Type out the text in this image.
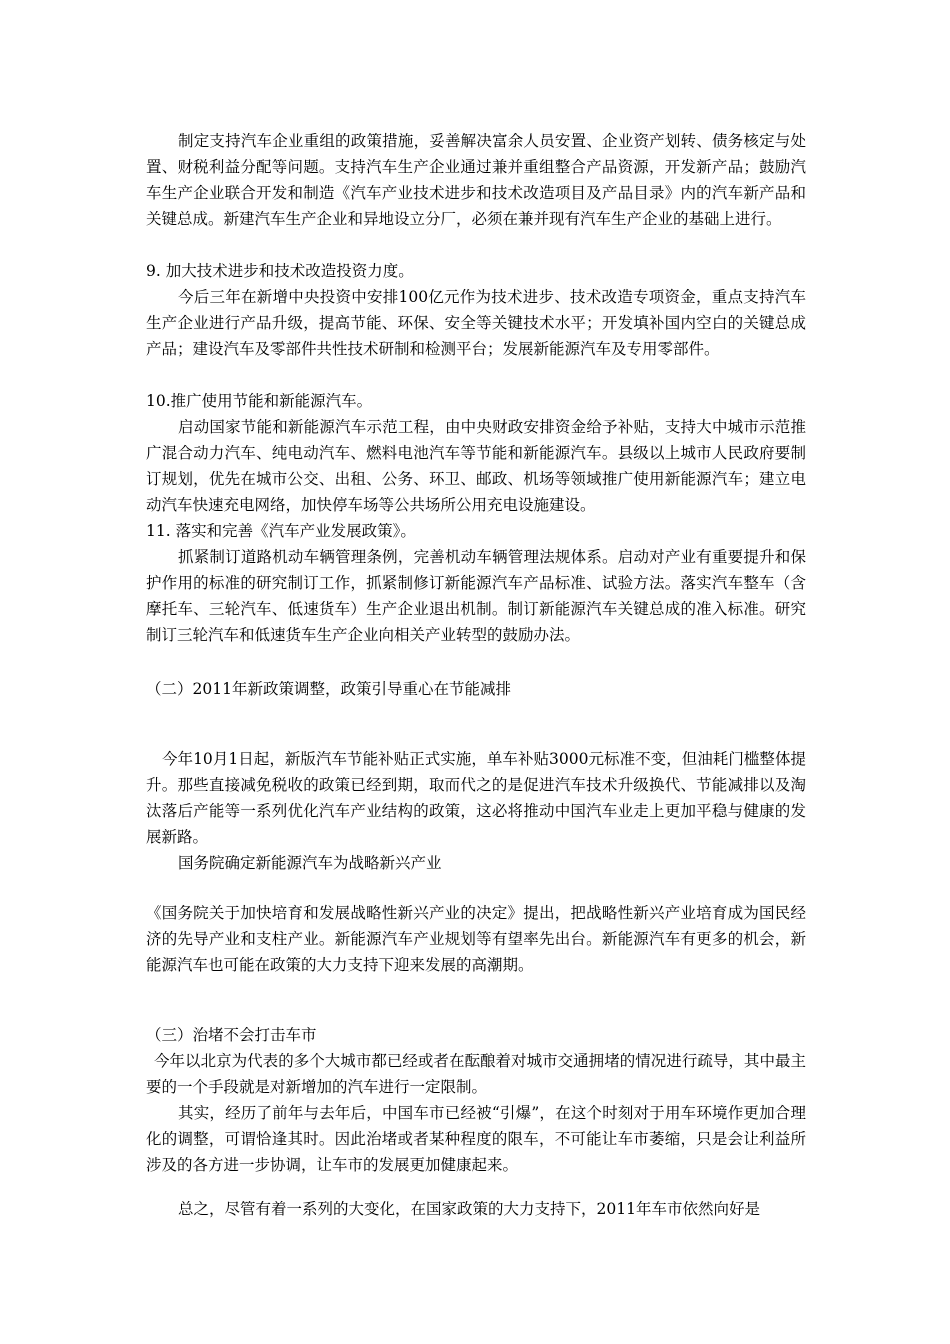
制定支持汽车企业重组的政策措施，妥善解决富余人员安置、企业资产划转、债务核定与处置、财税利益分配等问题。支持汽车生产企业通过兼并重组整合产品资源，开发新产品；鼓励汽车生产企业联合开发和制造《汽车产业技术进步和技术改造项目及产品目录》内的汽车新产品和关键总成。新建汽车生产企业和异地设立分厂，必须在兼并现有汽车生产企业的基础上进行。

9. 加大技术进步和技术改造投资力度。

今后三年在新增中央投资中安排100亿元作为技术进步、技术改造专项资金，重点支持汽车生产企业进行产品升级，提高节能、环保、安全等关键技术水平；开发填补国内空白的关键总成产品；建设汽车及零部件共性技术研制和检测平台；发展新能源汽车及专用零部件。

10.推广使用节能和新能源汽车。

启动国家节能和新能源汽车示范工程，由中央财政安排资金给予补贴，支持大中城市示范推广混合动力汽车、纯电动汽车、燃料电池汽车等节能和新能源汽车。县级以上城市人民政府要制订规划，优先在城市公交、出租、公务、环卫、邮政、机场等领域推广使用新能源汽车；建立电动汽车快速充电网络，加快停车场等公共场所公用充电设施建设。

11. 落实和完善《汽车产业发展政策》。

抓紧制订道路机动车辆管理条例，完善机动车辆管理法规体系。启动对产业有重要提升和保护作用的标准的研究制订工作，抓紧制修订新能源汽车产品标准、试验方法。落实汽车整车（含摩托车、三轮汽车、低速货车）生产企业退出机制。制订新能源汽车关键总成的准入标准。研究制订三轮汽车和低速货车生产企业向相关产业转型的鼓励办法。

（二）2011年新政策调整，政策引导重心在节能减排

今年10月1日起，新版汽车节能补贴正式实施，单车补贴3000元标准不变，但油耗门槛整体提升。那些直接减免税收的政策已经到期，取而代之的是促进汽车技术升级换代、节能减排以及淘汰落后产能等一系列优化汽车产业结构的政策，这必将推动中国汽车业走上更加平稳与健康的发展新路。

国务院确定新能源汽车为战略新兴产业

《国务院关于加快培育和发展战略性新兴产业的决定》提出，把战略性新兴产业培育成为国民经济的先导产业和支柱产业。新能源汽车产业规划等有望率先出台。新能源汽车有更多的机会，新能源汽车也可能在政策的大力支持下迎来发展的高潮期。

（三）治堵不会打击车市

今年以北京为代表的多个大城市都已经或者在酝酿着对城市交通拥堵的情况进行疏导，其中最主要的一个手段就是对新增加的汽车进行一定限制。

其实，经历了前年与去年后，中国车市已经被“引爆”，在这个时刻对于用车环境作更加合理化的调整，可谓恰逢其时。因此治堵或者某种程度的限车，不可能让车市萎缩，只是会让利益所涉及的各方进一步协调，让车市的发展更加健康起来。

总之，尽管有着一系列的大变化，在国家政策的大力支持下，2011年车市依然向好是
